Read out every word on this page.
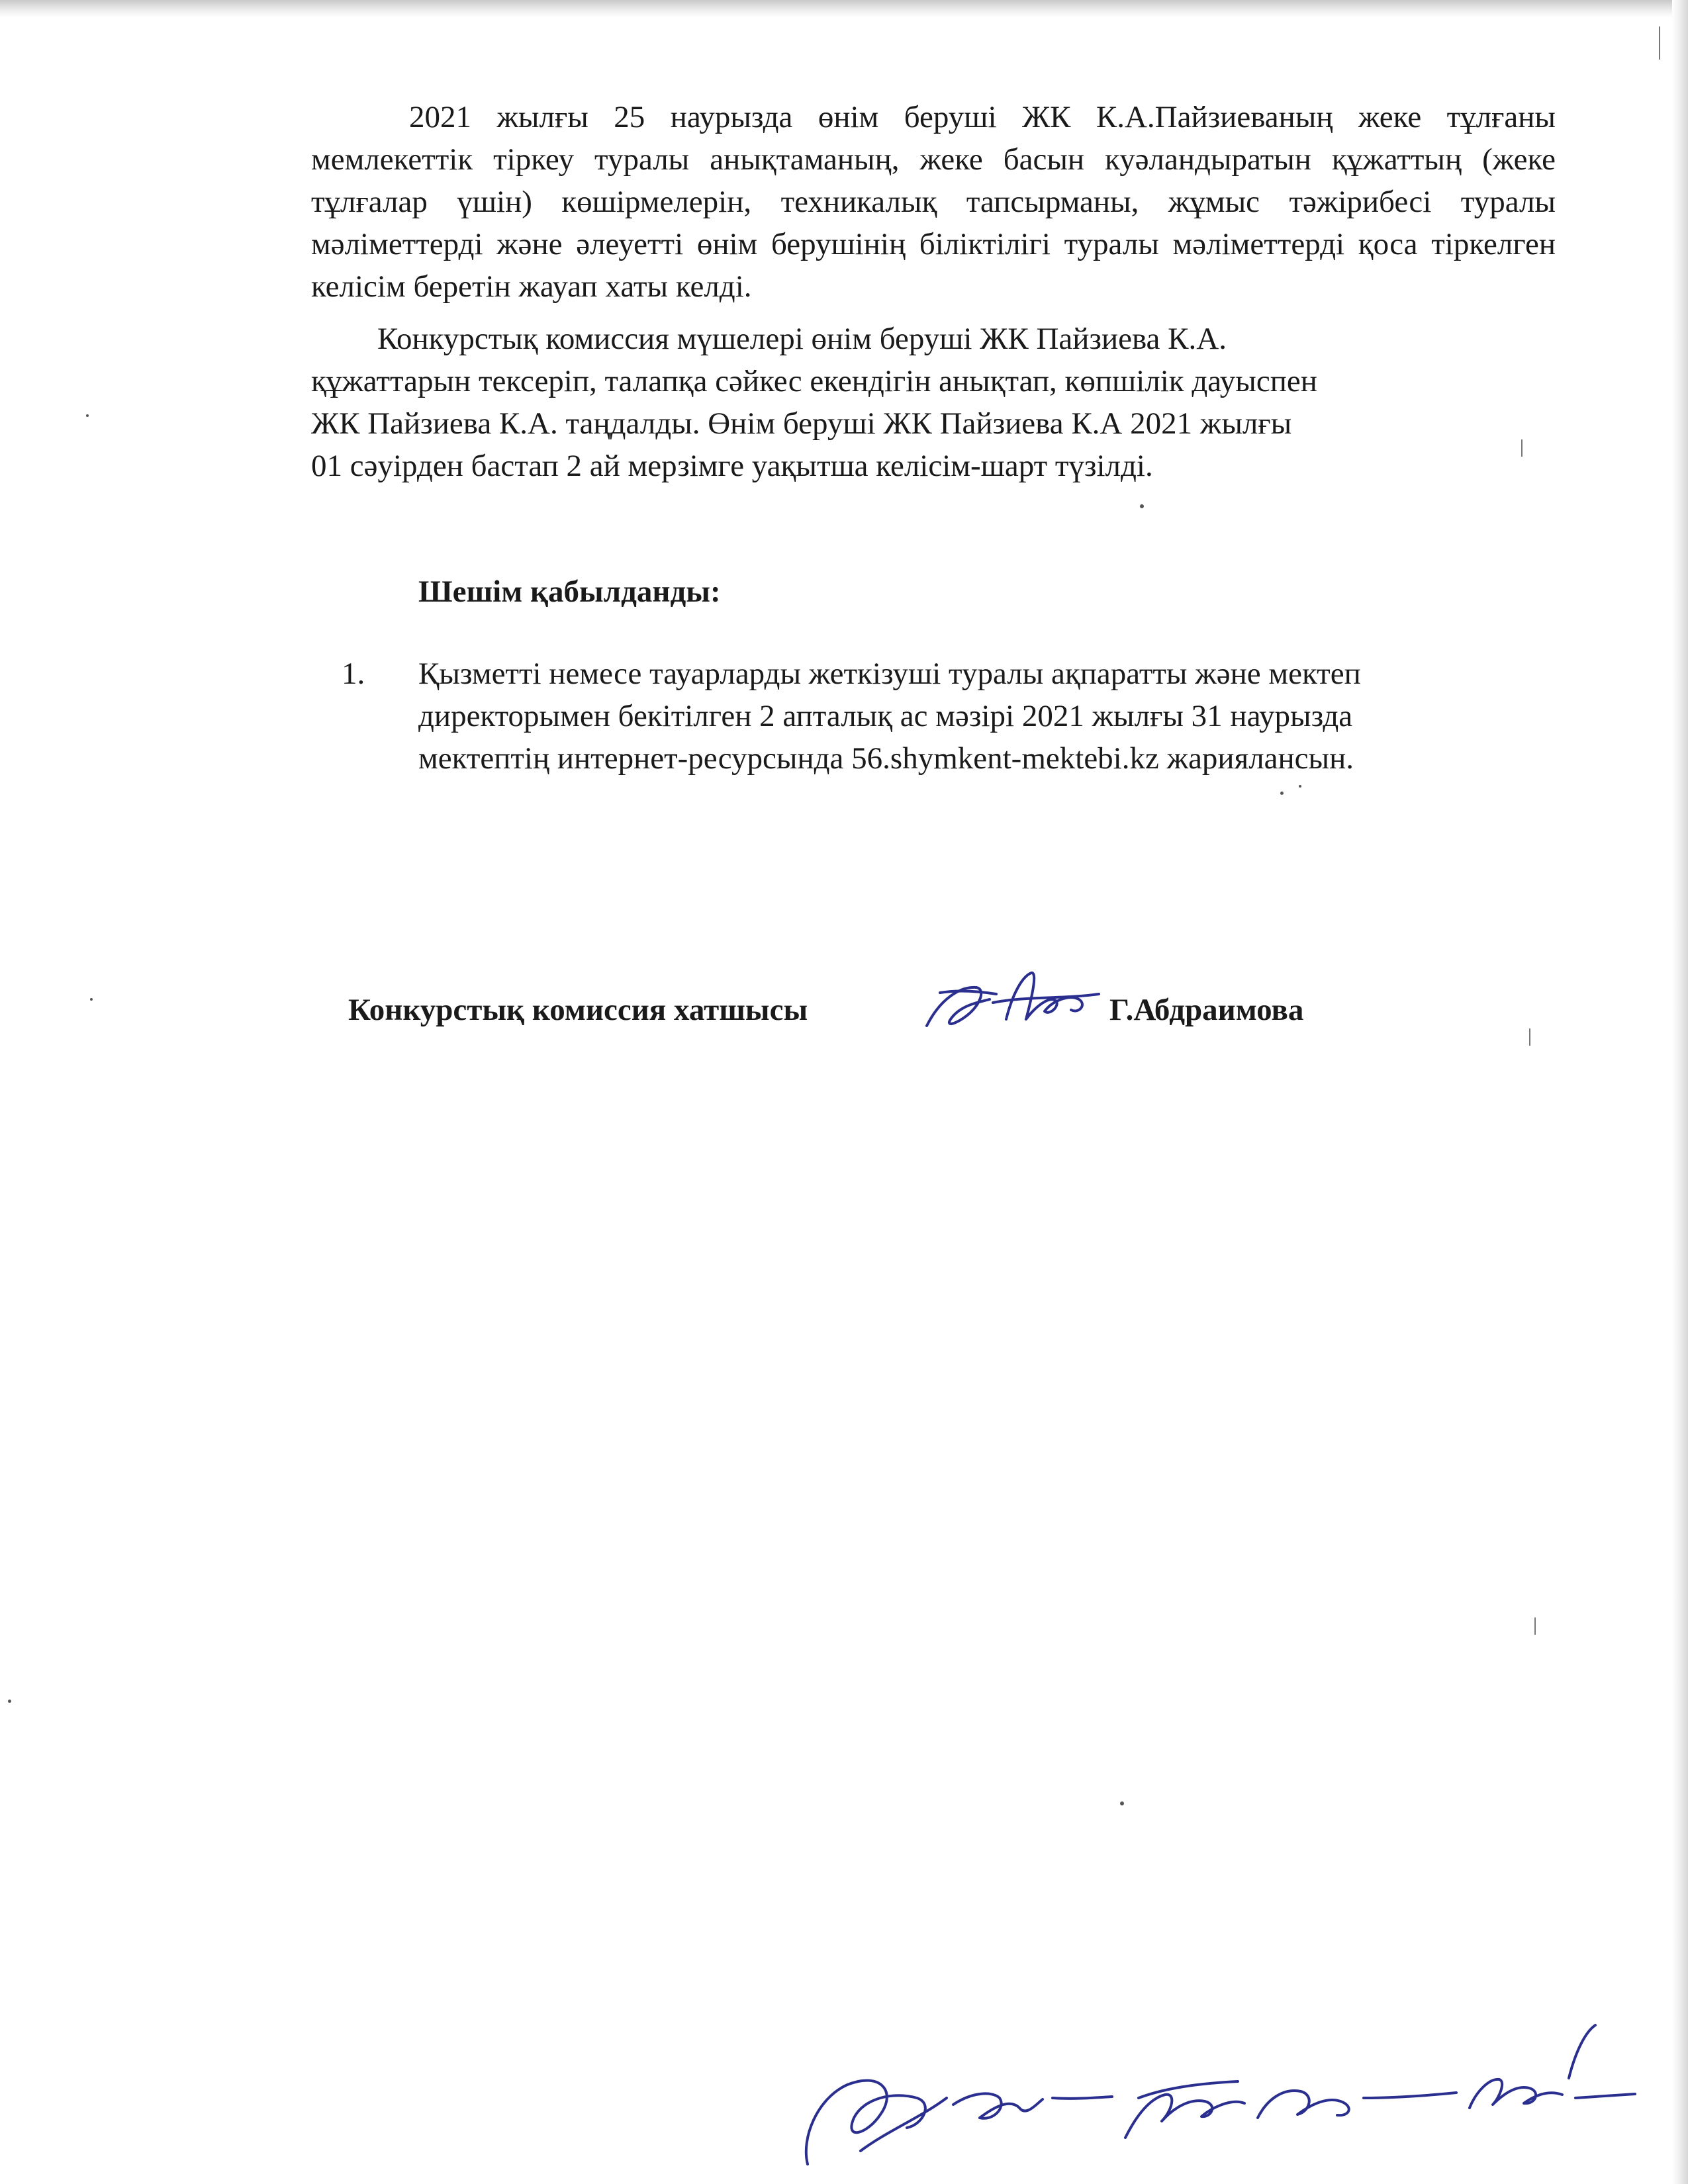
2021 жылғы 25 наурызда өнім беруші ЖК К.А.Пайзиеваның жеке тұлғаны мемлекеттік тіркеу туралы анықтаманың, жеке басын куәландыратын құжаттың (жеке тұлғалар үшін) көшірмелерін, техникалық тапсырманы, жұмыс тәжірибесі туралы мәліметтерді және әлеуетті өнім берушінің біліктілігі туралы мәліметтерді қоса тіркелген келісім беретін жауап хаты келді.

Конкурстық комиссия мүшелері өнім беруші ЖК Пайзиева К.А.
құжаттарын тексеріп, талапқа сәйкес екендігін анықтап, көпшілік дауыспен
ЖК Пайзиева К.А. таңдалды. Өнім беруші ЖК Пайзиева К.А 2021 жылғы
01 сәуірден бастап 2 ай мерзімге уақытша келісім-шарт түзілді.
Шешім қабылданды:
1. Қызметті немесе тауарларды жеткізуші туралы ақпаратты және мектеп
директорымен бекітілген 2 апталық ас мәзірі 2021 жылғы 31 наурызда
мектептің интернет-ресурсында 56.shymkent-mektebi.kz жариялансын.
Конкурстық комиссия хатшысы	Г.Абдраимова
